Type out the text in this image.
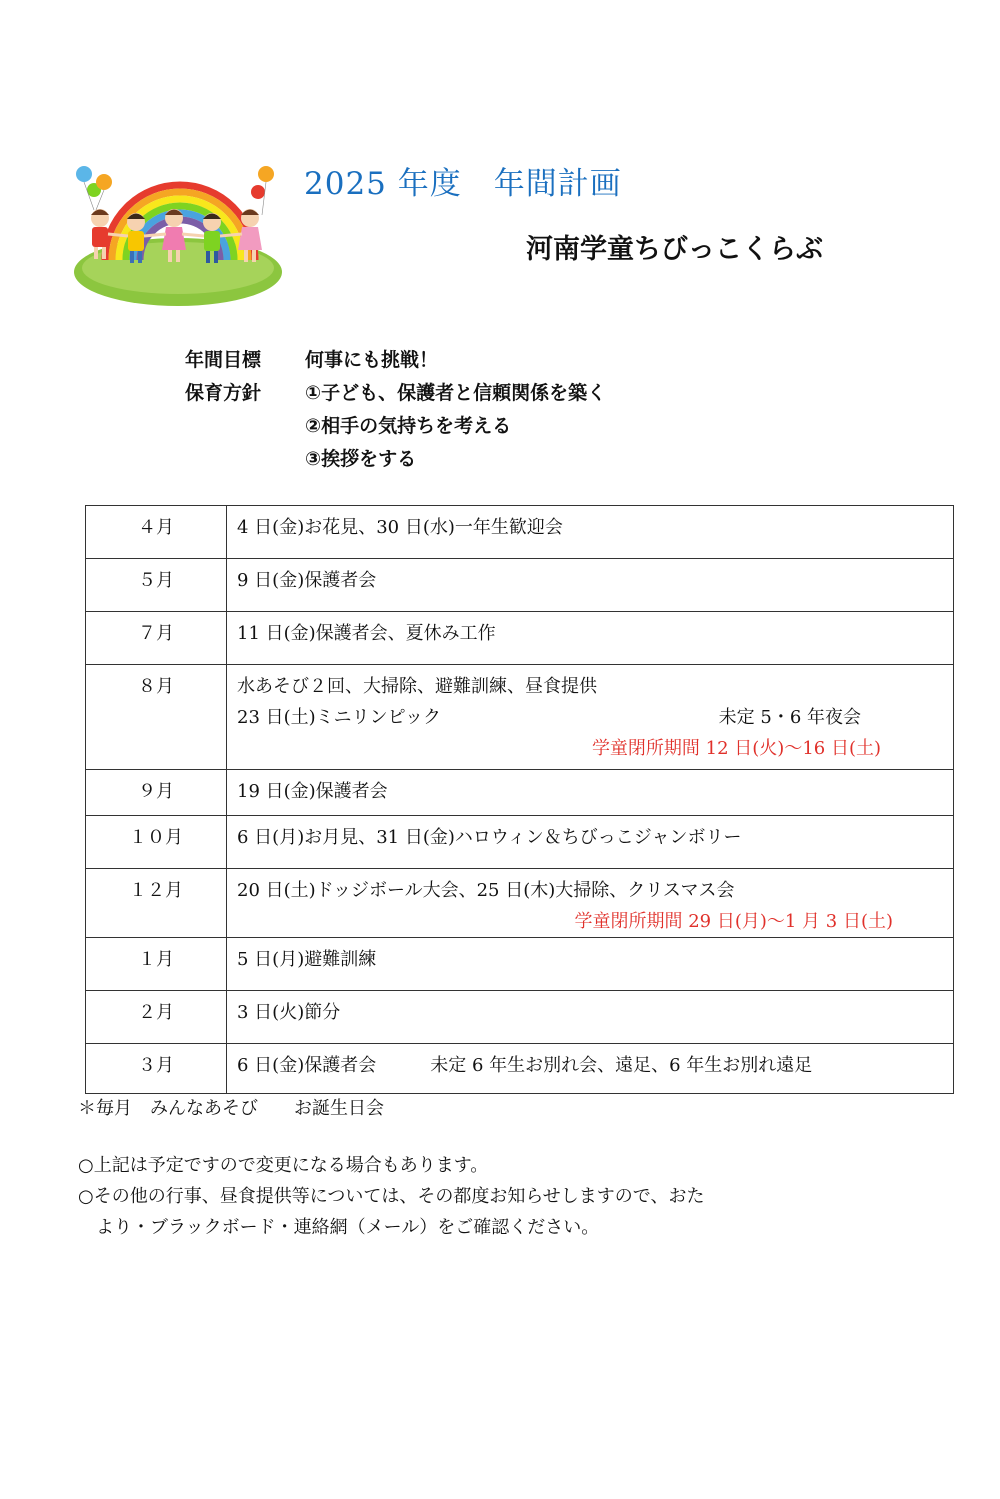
2025 年度　年間計画
河南学童ちびっこくらぶ
年間目標	何事にも挑戦！
保育方針	①子ども、保護者と信頼関係を築く
②相手の気持ちを考える
③挨拶をする
４月	4 日(金)お花見、30 日(水)一年生歓迎会

５月	9 日(金)保護者会

７月	11 日(金)保護者会、夏休み工作

８月	水あそび２回、大掃除、避難訓練、昼食提供
23 日(土)ミニリンピック 未定 5・6 年夜会
学童閉所期間 12 日(火)～16 日(土)

９月	19 日(金)保護者会

１０月	6 日(月)お月見、31 日(金)ハロウィン＆ちびっこジャンボリー

１２月	20 日(土)ドッジボール大会、25 日(木)大掃除、クリスマス会
学童閉所期間 29 日(月)～1 月 3 日(土)

１月	5 日(月)避難訓練

２月	3 日(火)節分

３月	6 日(金)保護者会　　　未定 6 年生お別れ会、遠足、6 年生お別れ遠足
＊毎月　みんなあそび　　お誕生日会
○上記は予定ですので変更になる場合もあります。
○その他の行事、昼食提供等については、その都度お知らせしますので、おた
　より・ブラックボード・連絡網（メール）をご確認ください。
